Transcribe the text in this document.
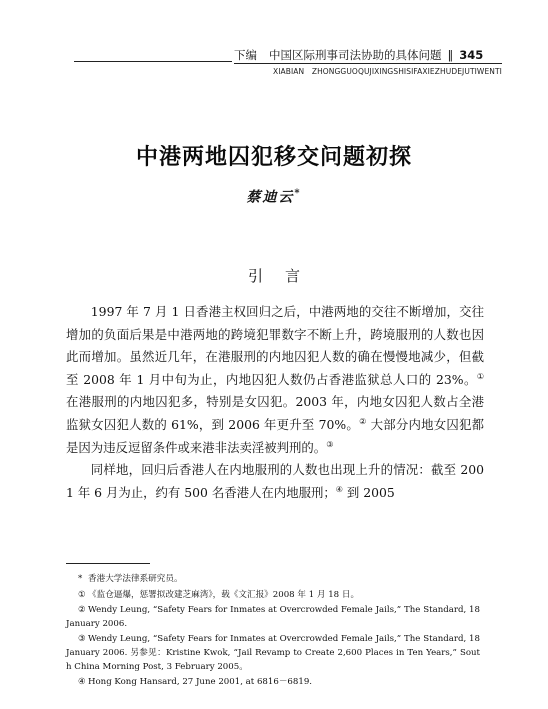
下编 中国区际刑事司法协助的具体问题 ‖ 345
XIABIAN　ZHONGGUOQUJIXINGSHISIFAXIEZHUDEJUTIWENTI
中港两地囚犯移交问题初探
蔡迪云*
引言

1997 年 7 月 1 日香港主权回归之后，中港两地的交往不断增加，交往增加的负面后果是中港两地的跨境犯罪数字不断上升，跨境服刑的人数也因此而增加。虽然近几年，在港服刑的内地囚犯人数的确在慢慢地减少，但截至 2008 年 1 月中旬为止，内地囚犯人数仍占香港监狱总人口的 23%。① 在港服刑的内地囚犯多，特别是女囚犯。2003 年，内地女囚犯人数占全港监狱女囚犯人数的 61%，到 2006 年更升至 70%。② 大部分内地女囚犯都是因为违反逗留条件或来港非法卖淫被判刑的。③

同样地，回归后香港人在内地服刑的人数也出现上升的情况：截至 2001 年 6 月为止，约有 500 名香港人在内地服刑；④ 到 2005

* 香港大学法律系研究员。

① 《监仓逼爆，惩署拟改建芝麻湾》，载《文汇报》2008 年 1 月 18 日。

② Wendy Leung, “Safety Fears for Inmates at Overcrowded Female Jails,” The Standard, 18 January 2006.

③ Wendy Leung, “Safety Fears for Inmates at Overcrowded Female Jails,” The Standard, 18 January 2006. 另参见：Kristine Kwok, “Jail Revamp to Create 2,600 Places in Ten Years,” South China Morning Post, 3 February 2005。

④ Hong Kong Hansard, 27 June 2001, at 6816－6819.
